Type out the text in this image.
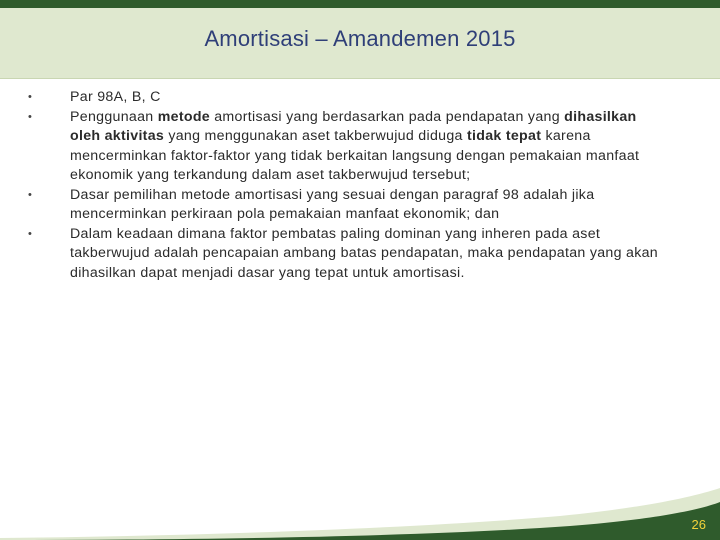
Amortisasi – Amandemen 2015
•	Par 98A, B, C
•	Penggunaan metode amortisasi yang berdasarkan pada pendapatan yang dihasilkan oleh aktivitas yang menggunakan aset takberwujud diduga tidak tepat karena mencerminkan faktor-faktor yang tidak berkaitan langsung dengan pemakaian manfaat ekonomik yang terkandung dalam aset takberwujud tersebut;
•	Dasar pemilihan metode amortisasi yang sesuai dengan paragraf 98 adalah jika mencerminkan perkiraan pola pemakaian manfaat ekonomik; dan
•	Dalam keadaan dimana faktor pembatas paling dominan yang inheren pada aset takberwujud adalah pencapaian ambang batas pendapatan, maka pendapatan yang akan dihasilkan dapat menjadi dasar yang tepat untuk amortisasi.
26
